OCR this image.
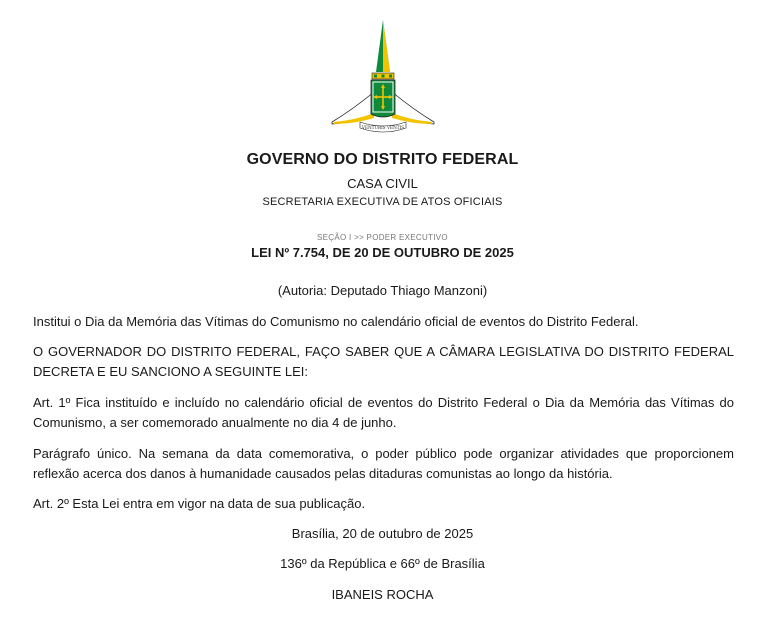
VENTURIS VENTIS
GOVERNO DO DISTRITO FEDERAL
CASA CIVIL
SECRETARIA EXECUTIVA DE ATOS OFICIAIS
SEÇÃO I >> PODER EXECUTIVO
LEI Nº 7.754, DE 20 DE OUTUBRO DE 2025
(Autoria: Deputado Thiago Manzoni)

Institui o Dia da Memória das Vítimas do Comunismo no calendário oficial de eventos do Distrito Federal.

O GOVERNADOR DO DISTRITO FEDERAL, FAÇO SABER QUE A CÂMARA LEGISLATIVA DO DISTRITO FEDERAL DECRETA E EU SANCIONO A SEGUINTE LEI:

Art. 1º Fica instituído e incluído no calendário oficial de eventos do Distrito Federal o Dia da Memória das Vítimas do Comunismo, a ser comemorado anualmente no dia 4 de junho.

Parágrafo único. Na semana da data comemorativa, o poder público pode organizar atividades que proporcionem reflexão acerca dos danos à humanidade causados pelas ditaduras comunistas ao longo da história.

Art. 2º Esta Lei entra em vigor na data de sua publicação.

Brasília, 20 de outubro de 2025
136º da República e 66º de Brasília
IBANEIS ROCHA
